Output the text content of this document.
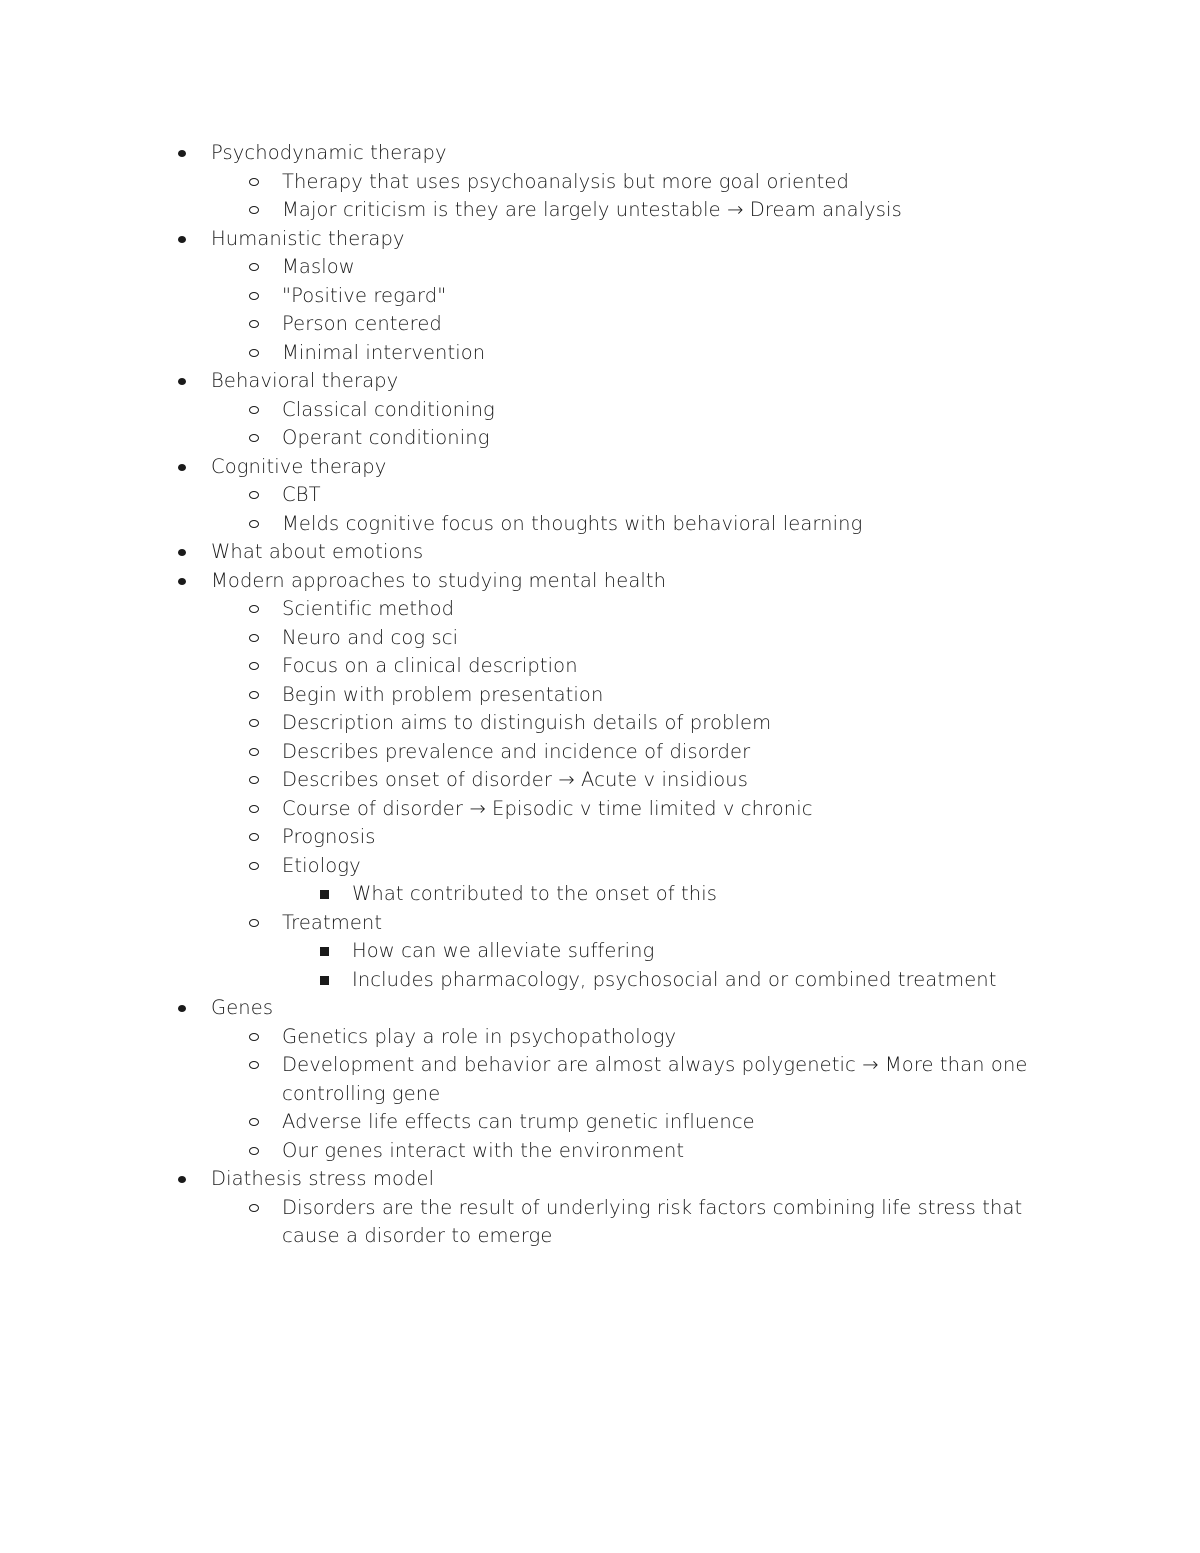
Psychodynamic therapy
Therapy that uses psychoanalysis but more goal oriented
Major criticism is they are largely untestable → Dream analysis
Humanistic therapy
Maslow
"Positive regard"
Person centered
Minimal intervention
Behavioral therapy
Classical conditioning
Operant conditioning
Cognitive therapy
CBT
Melds cognitive focus on thoughts with behavioral learning
What about emotions
Modern approaches to studying mental health
Scientific method
Neuro and cog sci
Focus on a clinical description
Begin with problem presentation
Description aims to distinguish details of problem
Describes prevalence and incidence of disorder
Describes onset of disorder → Acute v insidious
Course of disorder → Episodic v time limited v chronic
Prognosis
Etiology
What contributed to the onset of this
Treatment
How can we alleviate suffering
Includes pharmacology, psychosocial and or combined treatment
Genes
Genetics play a role in psychopathology
Development and behavior are almost always polygenetic → More than one controlling gene
Adverse life effects can trump genetic influence
Our genes interact with the environment
Diathesis stress model
Disorders are the result of underlying risk factors combining life stress that cause a disorder to emerge
